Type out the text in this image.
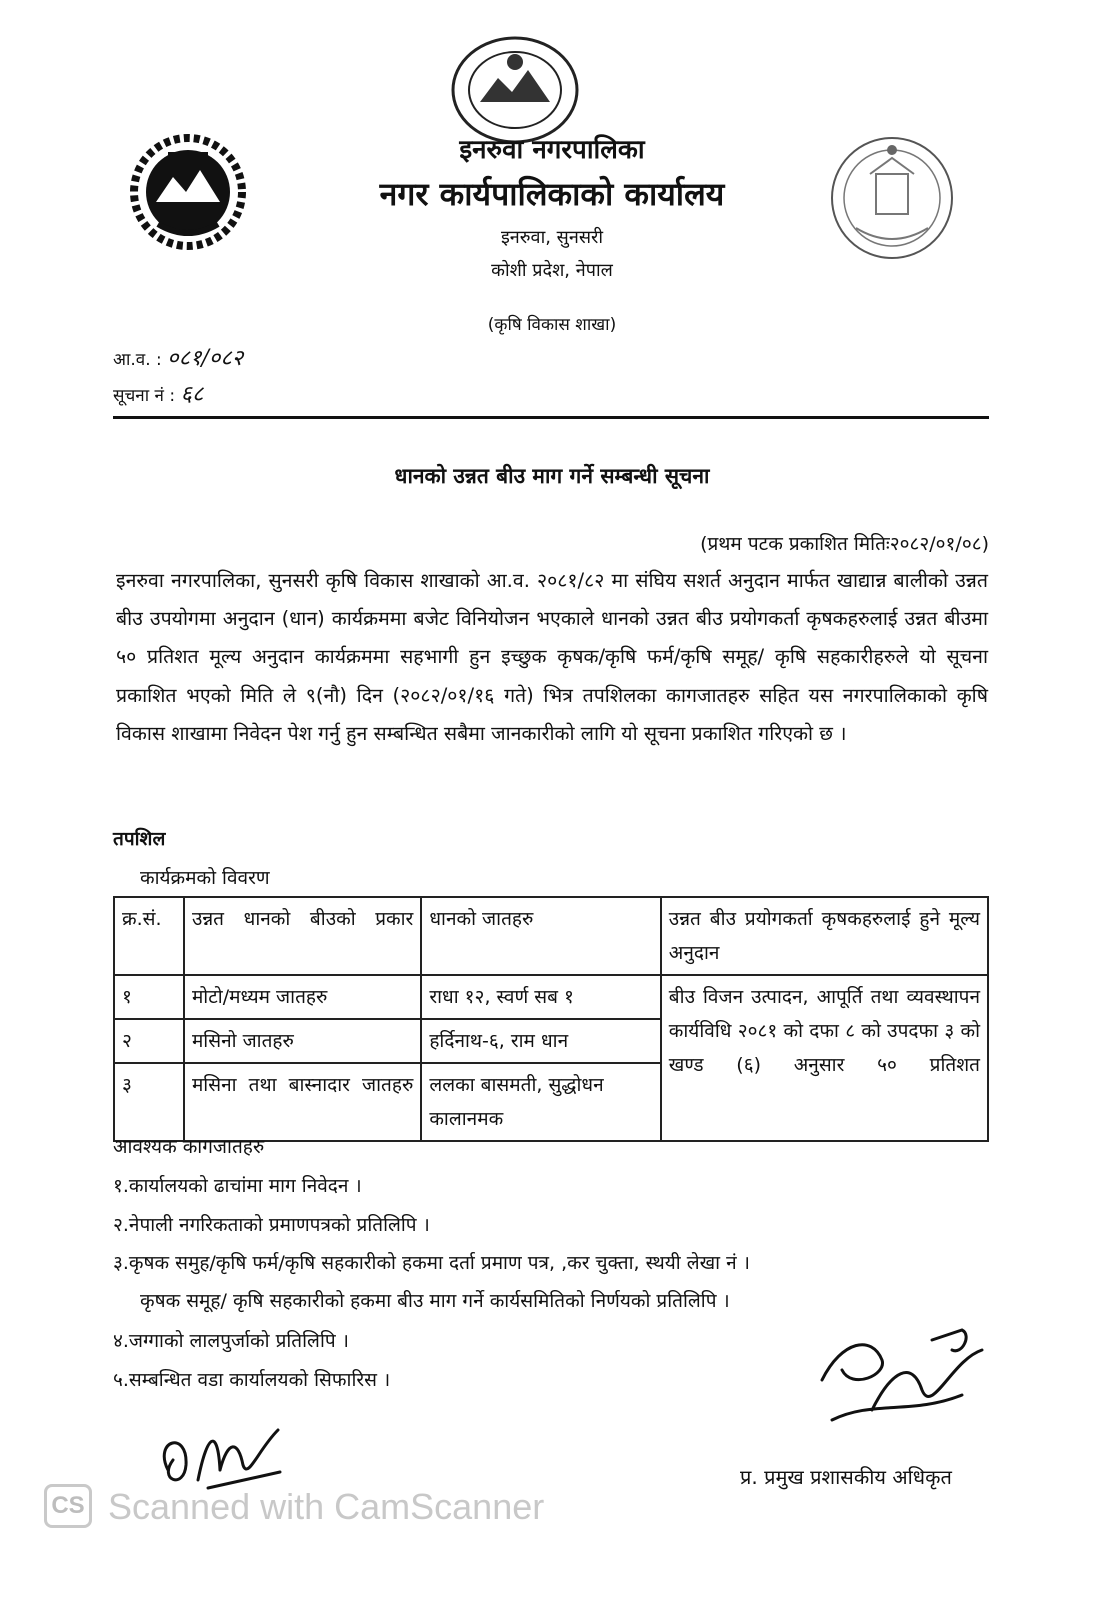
इनरुवा नगरपालिका
नगर कार्यपालिकाको कार्यालय
इनरुवा, सुनसरी
कोशी प्रदेश, नेपाल
(कृषि विकास शाखा)
आ.व. : ०८१/०८२
सूचना नं : ६८
धानको उन्नत बीउ माग गर्ने सम्बन्धी सूचना
(प्रथम पटक प्रकाशित मितिः२०८२/०१/०८)
इनरुवा नगरपालिका, सुनसरी कृषि विकास शाखाको आ.व. २०८१/८२ मा संघिय सशर्त अनुदान मार्फत खाद्यान्न बालीको उन्नत बीउ उपयोगमा अनुदान (धान) कार्यक्रममा बजेट विनियोजन भएकाले धानको उन्नत बीउ प्रयोगकर्ता कृषकहरुलाई उन्नत बीउमा ५० प्रतिशत मूल्य अनुदान कार्यक्रममा सहभागी हुन इच्छुक कृषक/कृषि फर्म/कृषि समूह/ कृषि सहकारीहरुले यो सूचना प्रकाशित भएको मिति ले ९(नौ) दिन (२०८२/०१/१६ गते) भित्र तपशिलका कागजातहरु सहित यस नगरपालिकाको कृषि विकास शाखामा निवेदन पेश गर्नु हुन सम्बन्धित सबैमा जानकारीको लागि यो सूचना प्रकाशित गरिएको छ ।
तपशिल
कार्यक्रमको विवरण
क्र.सं.	उन्नत धानको बीउको प्रकार	धानको जातहरु	उन्नत बीउ प्रयोगकर्ता कृषकहरुलाई हुने मूल्य अनुदान
१	मोटो/मध्यम जातहरु	राधा १२, स्वर्ण सब १	बीउ विजन उत्पादन, आपूर्ति तथा व्यवस्थापन कार्यविधि २०८१ को दफा ८ को उपदफा ३ को खण्ड (६) अनुसार ५० प्रतिशत
२	मसिनो जातहरु	हर्दिनाथ-६, राम धान	
३	मसिना तथा बास्नादार जातहरु	ललका बासमती, सुद्धोधन कालानमक	
आवश्यक कागजातहरु
१.कार्यालयको ढाचांमा माग निवेदन ।
२.नेपाली नगरिकताको प्रमाणपत्रको प्रतिलिपि ।
३.कृषक समुह/कृषि फर्म/कृषि सहकारीको हकमा दर्ता प्रमाण पत्र, ,कर चुक्ता, स्थयी लेखा नं ।
कृषक समूह/ कृषि सहकारीको हकमा बीउ माग गर्ने कार्यसमितिको निर्णयको प्रतिलिपि ।
४.जग्गाको लालपुर्जाको प्रतिलिपि ।
५.सम्बन्धित वडा कार्यालयको सिफारिस ।
प्र. प्रमुख प्रशासकीय अधिकृत
CS Scanned with CamScanner
